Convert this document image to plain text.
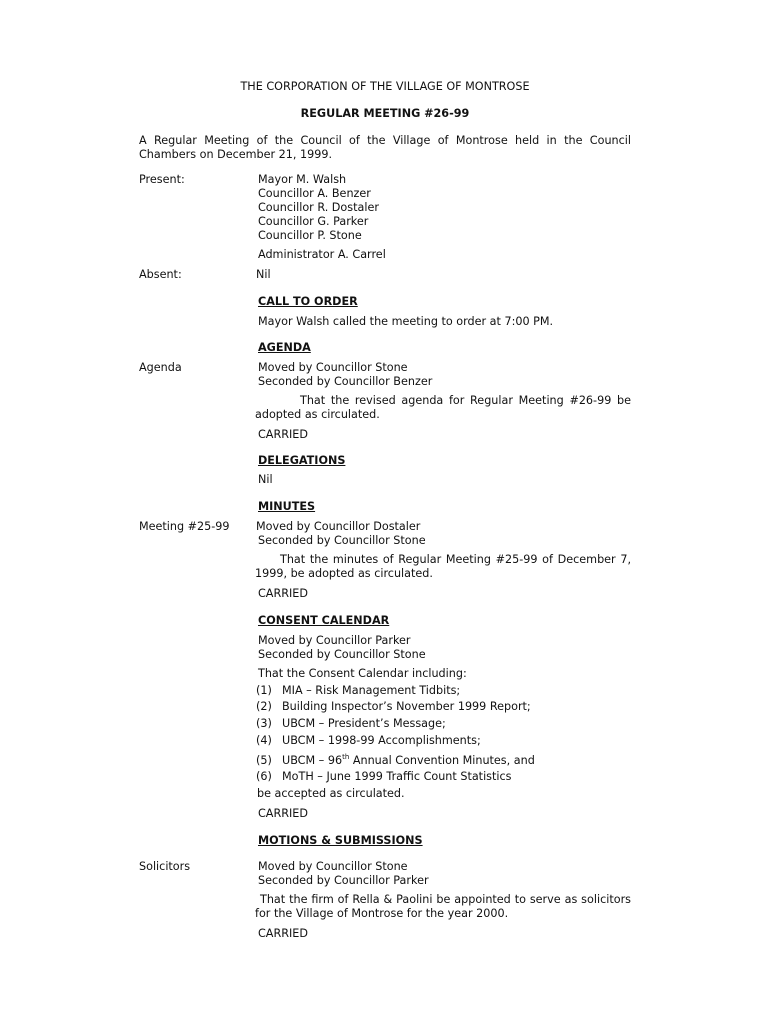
THE CORPORATION OF THE VILLAGE OF MONTROSE
REGULAR MEETING #26-99
A Regular Meeting of the Council of the Village of Montrose held in the Council Chambers on December 21, 1999.
Present:	Mayor M. Walsh
Councillor A. Benzer
Councillor R. Dostaler
Councillor G. Parker
Councillor P. Stone
Administrator A. Carrel
Absent:	Nil
CALL TO ORDER
Mayor Walsh called the meeting to order at 7:00 PM.
AGENDA
Agenda	Moved by Councillor Stone
Seconded by Councillor Benzer
That the revised agenda for Regular Meeting #26-99 be adopted as circulated.
CARRIED
DELEGATIONS
Nil
MINUTES
Meeting #25-99 Moved by Councillor Dostaler
Seconded by Councillor Stone
That the minutes of Regular Meeting #25-99 of December 7, 1999, be adopted as circulated.
CARRIED
CONSENT CALENDAR
Moved by Councillor Parker
Seconded by Councillor Stone
That the Consent Calendar including:
(1) MIA – Risk Management Tidbits;
(2) Building Inspector’s November 1999 Report;
(3) UBCM – President’s Message;
(4) UBCM – 1998-99 Accomplishments;
(5) UBCM – 96th Annual Convention Minutes, and
(6) MoTH – June 1999 Traffic Count Statistics
be accepted as circulated.
CARRIED
MOTIONS & SUBMISSIONS
Solicitors	Moved by Councillor Stone
Seconded by Councillor Parker
That the firm of Rella & Paolini be appointed to serve as solicitors for the Village of Montrose for the year 2000.
CARRIED
